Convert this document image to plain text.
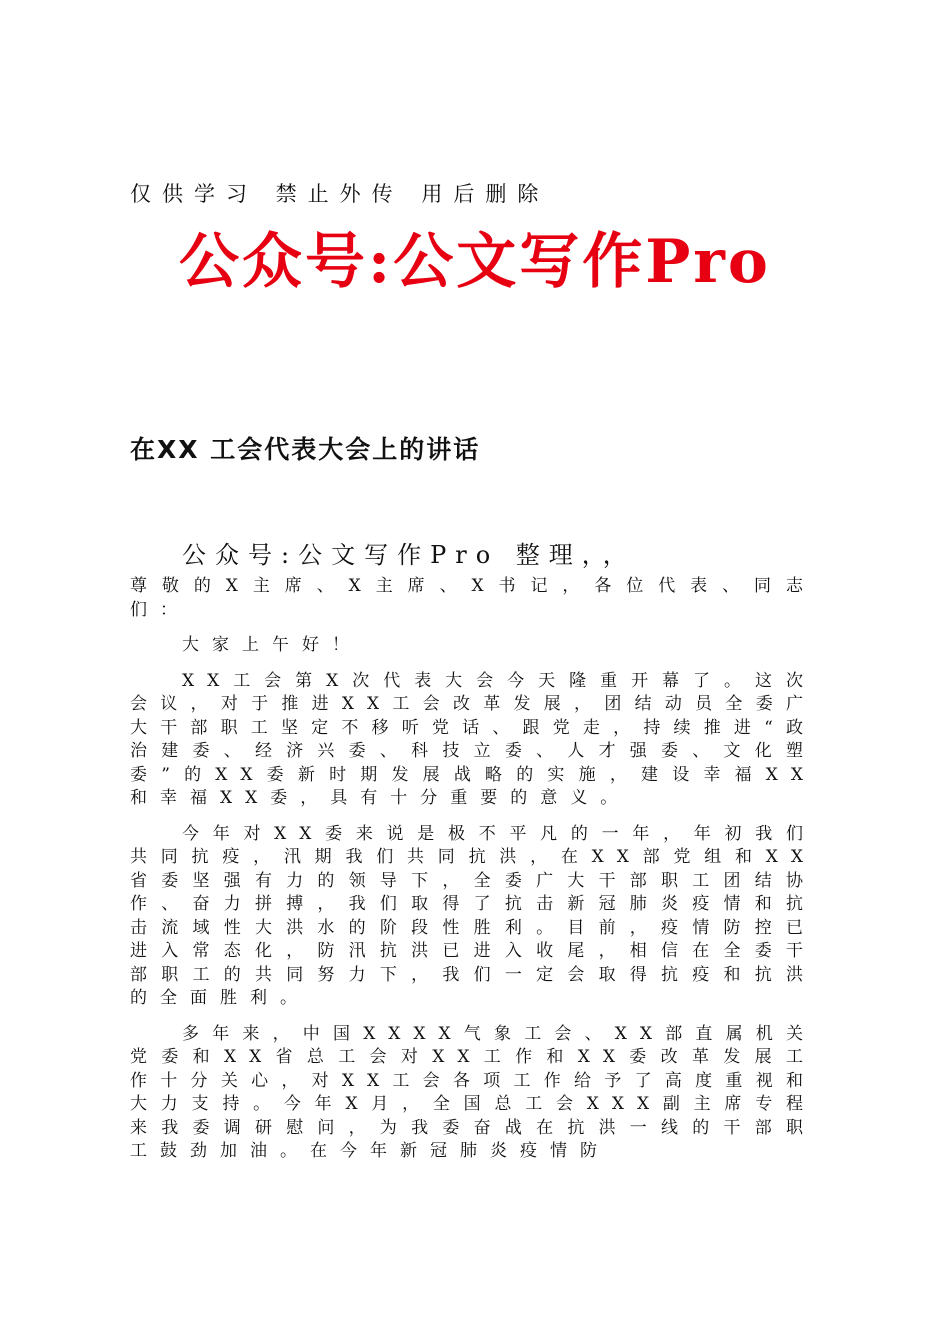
仅供学习 禁止外传 用后删除
公众号:公文写作Pro
在XX 工会代表大会上的讲话
公众号:公文写作Pro 整理，，

尊敬的X主席、X主席、X书记，各位代表、同志们：

大家上午好！

XX工会第X次代表大会今天隆重开幕了。这次会议，对于推进XX工会改革发展，团结动员全委广大干部职工坚定不移听党话、跟党走，持续推进“政治建委、经济兴委、科技立委、人才强委、文化塑委”的XX委新时期发展战略的实施，建设幸福XX和幸福XX委，具有十分重要的意义。

今年对XX委来说是极不平凡的一年，年初我们共同抗疫，汛期我们共同抗洪，在XX部党组和XX省委坚强有力的领导下，全委广大干部职工团结协作、奋力拼搏，我们取得了抗击新冠肺炎疫情和抗击流域性大洪水的阶段性胜利。目前，疫情防控已进入常态化，防汛抗洪已进入收尾，相信在全委干部职工的共同努力下，我们一定会取得抗疫和抗洪的全面胜利。

多年来，中国XXXX气象工会、XX部直属机关党委和XX省总工会对XX工作和XX委改革发展工作十分关心，对XX工会各项工作给予了高度重视和大力支持。今年X月，全国总工会XXX副主席专程来我委调研慰问，为我委奋战在抗洪一线的干部职工鼓劲加油。在今年新冠肺炎疫情防
